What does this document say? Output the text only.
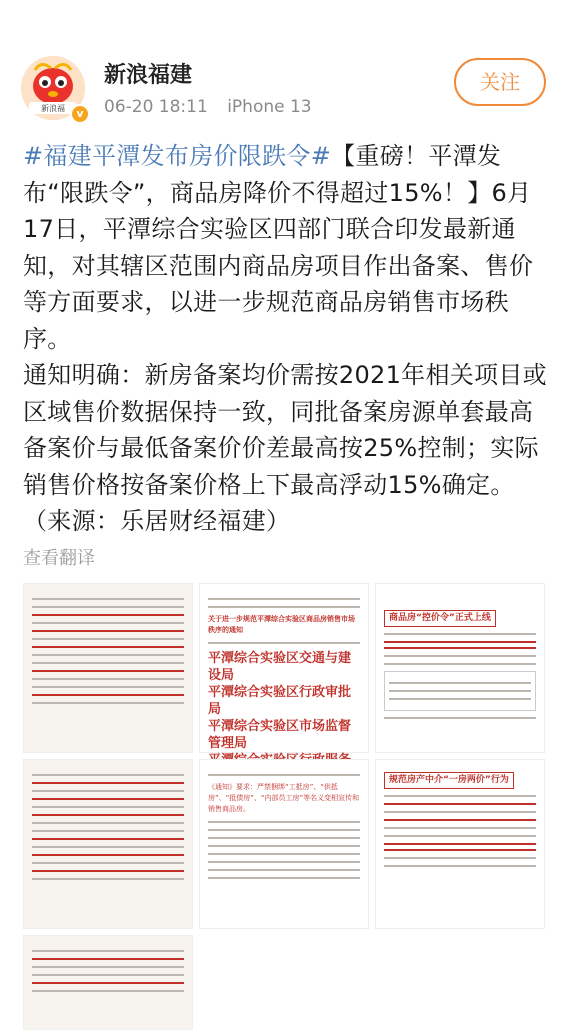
新浪福	v
新浪福建
06-20 18:11 iPhone 13
关注

#福建平潭发布房价限跌令#【重磅！平潭发布“限跌令”，商品房降价不得超过15%！】6月17日，平潭综合实验区四部门联合印发最新通知，对其辖区范围内商品房项目作出备案、售价等方面要求，以进一步规范商品房销售市场秩序。

通知明确：新房备案均价需按2021年相关项目或区域售价数据保持一致，同批备案房源单套最高备案价与最低备案价价差最高按25%控制；实际销售价格按备案价格上下最高浮动15%确定。（来源：乐居财经福建）

查看翻译
关于进一步规范平潭综合实验区商品房销售市场秩序的通知
平潭综合实验区交通与建设局
平潭综合实验区行政审批局
平潭综合实验区市场监督管理局
商品房“控价令”正式上线
《通知》要求：严禁捆绑“工抵房”、“供抵房”、“抵债房”、“内部员工房”等名义变相宣传和销售商品房。
规范房产中介“一房两价”行为
